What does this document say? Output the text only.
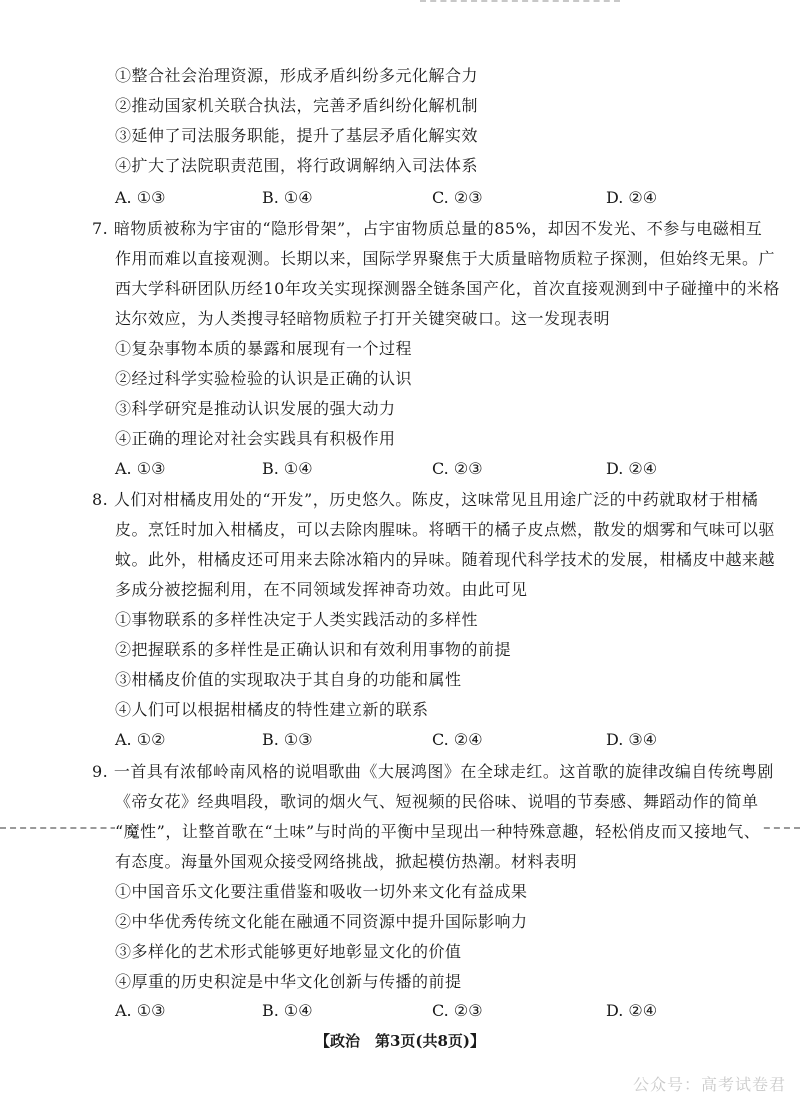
①整合社会治理资源，形成矛盾纠纷多元化解合力
②推动国家机关联合执法，完善矛盾纠纷化解机制
③延伸了司法服务职能，提升了基层矛盾化解实效
④扩大了法院职责范围，将行政调解纳入司法体系
A. ①③	B. ①④	C. ②③	D. ②④
7. 暗物质被称为宇宙的“隐形骨架”，占宇宙物质总量的85%，却因不发光、不参与电磁相互
作用而难以直接观测。长期以来，国际学界聚焦于大质量暗物质粒子探测，但始终无果。广
西大学科研团队历经10年攻关实现探测器全链条国产化，首次直接观测到中子碰撞中的米格
达尔效应，为人类搜寻轻暗物质粒子打开关键突破口。这一发现表明
①复杂事物本质的暴露和展现有一个过程
②经过科学实验检验的认识是正确的认识
③科学研究是推动认识发展的强大动力
④正确的理论对社会实践具有积极作用
A. ①③	B. ①④	C. ②③	D. ②④
8. 人们对柑橘皮用处的“开发”，历史悠久。陈皮，这味常见且用途广泛的中药就取材于柑橘
皮。烹饪时加入柑橘皮，可以去除肉腥味。将晒干的橘子皮点燃，散发的烟雾和气味可以驱
蚊。此外，柑橘皮还可用来去除冰箱内的异味。随着现代科学技术的发展，柑橘皮中越来越
多成分被挖掘利用，在不同领域发挥神奇功效。由此可见
①事物联系的多样性决定于人类实践活动的多样性
②把握联系的多样性是正确认识和有效利用事物的前提
③柑橘皮价值的实现取决于其自身的功能和属性
④人们可以根据柑橘皮的特性建立新的联系
A. ①②	B. ①③	C. ②④	D. ③④
9. 一首具有浓郁岭南风格的说唱歌曲《大展鸿图》在全球走红。这首歌的旋律改编自传统粤剧
《帝女花》经典唱段，歌词的烟火气、短视频的民俗味、说唱的节奏感、舞蹈动作的简单
“魔性”，让整首歌在“土味”与时尚的平衡中呈现出一种特殊意趣，轻松俏皮而又接地气、
有态度。海量外国观众接受网络挑战，掀起模仿热潮。材料表明
①中国音乐文化要注重借鉴和吸收一切外来文化有益成果
②中华优秀传统文化能在融通不同资源中提升国际影响力
③多样化的艺术形式能够更好地彰显文化的价值
④厚重的历史积淀是中华文化创新与传播的前提
A. ①③	B. ①④	C. ②③	D. ②④
【政治　第3页(共8页)】
公众号：高考试卷君
